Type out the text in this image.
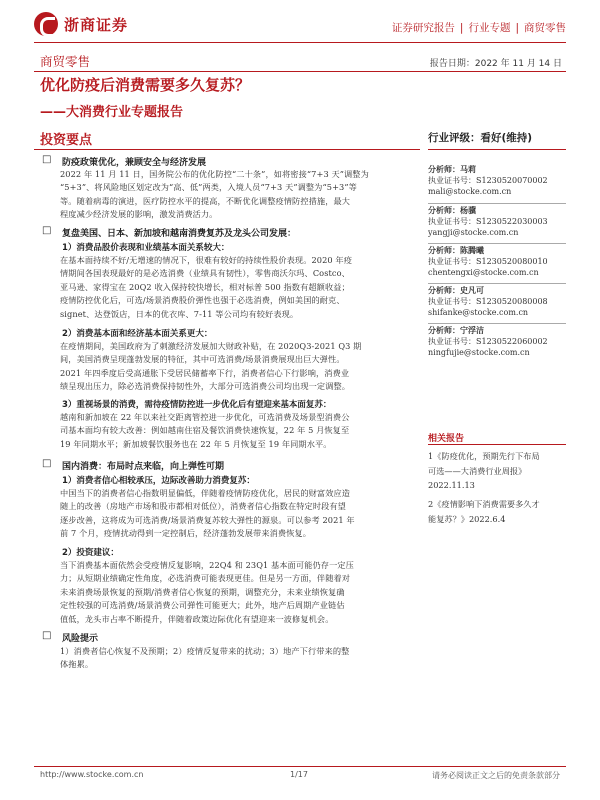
浙商证券	证券研究报告 | 行业专题 | 商贸零售
商贸零售	报告日期：2022 年 11 月 14 日
优化防疫后消费需要多久复苏？
——大消费行业专题报告
投资要点
□ 防疫政策优化，兼顾安全与经济发展
2022 年 11 月 11 日，国务院公布的优化防控“二十条”，如将密接“7+3 天”调整为
“5+3”、将风险地区划定改为“高、低”两类，入境人员“7+3 天”调整为“5+3”等
等。随着病毒的演进，医疗防控水平的提高，不断优化调整疫情防控措施，最大
程度减少经济发展的影响，激发消费活力。
□ 复盘美国、日本、新加坡和越南消费复苏及龙头公司发展：
1）消费品股价表现和业绩基本面关系较大：
在基本面持续不好/无增速的情况下，很难有较好的持续性股价表现。2020 年疫
情期间各国表现最好的是必选消费（业绩具有韧性），零售商沃尔玛、Costco、
亚马逊、家得宝在 20Q2 收入保持较快增长，相对标普 500 指数有超额收益；
疫情防控优化后，可选/场景消费股价弹性也强于必选消费，例如美国的耐克、
signet、达登饭店，日本的优衣库、7-11 等公司均有较好表现。
2）消费基本面和经济基本面关系更大：
在疫情期间，美国政府为了刺激经济发展加大财政补贴，在 2020Q3-2021 Q3 期
间，美国消费呈现蓬勃发展的特征，其中可选消费/场景消费展现出巨大弹性。
2021 年四季度后受高通胀下受居民储蓄率下行，消费者信心下行影响，消费业
绩呈现出压力，除必选消费保持韧性外，大部分可选消费公司均出现一定调整。
3）重视场景的消费，需待疫情防控进一步优化后有望迎来基本面复苏：
越南和新加坡在 22 年以来社交距离管控进一步优化，可选消费及场景型消费公
司基本面均有较大改善：例如越南住宿及餐饮消费快速恢复，22 年 5 月恢复至
19 年同期水平；新加坡餐饮服务也在 22 年 5 月恢复至 19 年同期水平。
□ 国内消费：布局时点来临，向上弹性可期
1）消费者信心相较承压，边际改善助力消费复苏：
中国当下的消费者信心指数明显偏低，伴随着疫情防疫优化，居民的财富效应造
随上的改善（房地产市场和股市都相对低位），消费者信心指数在特定时段有望
逐步改善，这将成为可选消费/场景消费复苏较大弹性的源泉。可以参考 2021 年
前 7 个月，疫情扰动得到一定控制后，经济蓬勃发展带来消费恢复。
2）投资建议：
当下消费基本面依然会受疫情反复影响，22Q4 和 23Q1 基本面可能仍存一定压
力；从短期业绩确定性角度，必选消费可能表现更佳。但是另一方面，伴随着对
未来消费场景恢复的预期/消费者信心恢复的预期，调整充分，未来业绩恢复确
定性较强的可选消费/场景消费公司弹性可能更大；此外，地产后周期产业链估
值低，龙头市占率不断提升，伴随着政策边际优化有望迎来一波修复机会。
□ 风险提示
1）消费者信心恢复不及预期；2）疫情反复带来的扰动；3）地产下行带来的整
体拖累。
行业评级：看好(维持)
分析师：马莉
执业证书号：S1230520070002
mali@stocke.com.cn
分析师：杨骥
执业证书号：S1230522030003
yangji@stocke.com.cn
分析师：陈腾曦
执业证书号：S1230520080010
chentengxi@stocke.com.cn
分析师：史凡可
执业证书号：S1230520080008
shifanke@stocke.com.cn
分析师：宁浮洁
执业证书号：S1230522060002
ningfujie@stocke.com.cn
相关报告
1《防疫优化，预期先行下布局
可选——大消费行业周报》
2022.11.13
2《疫情影响下消费需要多久才
能复苏？》2022.6.4
http://www.stocke.com.cn	1/17	请务必阅读正文之后的免责条款部分
